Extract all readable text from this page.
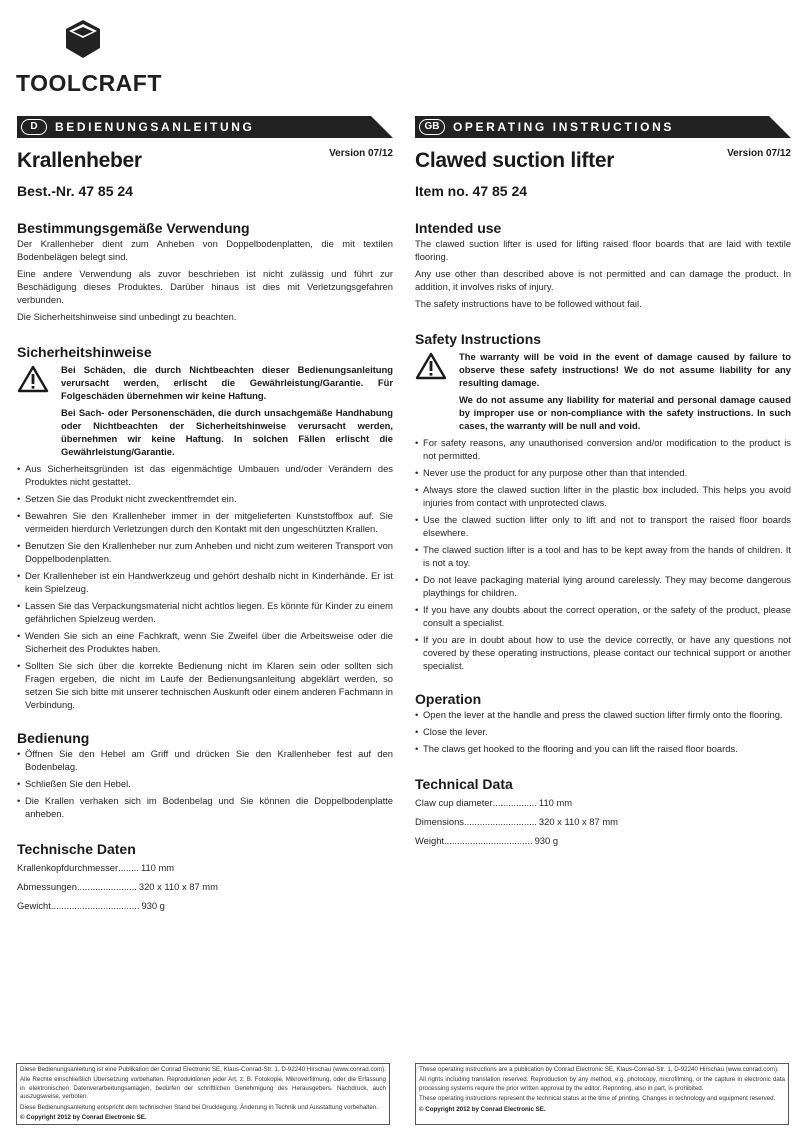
TOOLCRAFT
D	BEDIENUNGSANLEITUNG
Krallenheber	Version 07/12
Best.-Nr. 47 85 24
Bestimmungsgemäße Verwendung

Der Krallenheber dient zum Anheben von Doppelbodenplatten, die mit textilen Bodenbelägen belegt sind.

Eine andere Verwendung als zuvor beschrieben ist nicht zulässig und führt zur Beschädigung dieses Produktes. Darüber hinaus ist dies mit Verletzungsgefahren verbunden.

Die Sicherheitshinweise sind unbedingt zu beachten.

Sicherheitshinweise

Bei Schäden, die durch Nichtbeachten dieser Bedienungsanleitung verursacht werden, erlischt die Gewährleistung/Garantie. Für Folgeschäden übernehmen wir keine Haftung.

Bei Sach- oder Personenschäden, die durch unsachgemäße Handhabung oder Nichtbeachten der Sicherheitshinweise verursacht werden, übernehmen wir keine Haftung. In solchen Fällen erlischt die Gewährleistung/Garantie.

• Aus Sicherheitsgründen ist das eigenmächtige Umbauen und/oder Verändern des Produktes nicht gestattet.
• Setzen Sie das Produkt nicht zweckentfremdet ein.
• Bewahren Sie den Krallenheber immer in der mitgelieferten Kunststoffbox auf. Sie vermeiden hierdurch Verletzungen durch den Kontakt mit den ungeschützten Krallen.
• Benutzen Sie den Krallenheber nur zum Anheben und nicht zum weiteren Transport von Doppelbodenplatten.
• Der Krallenheber ist ein Handwerkzeug und gehört deshalb nicht in Kinderhände. Er ist kein Spielzeug.
• Lassen Sie das Verpackungsmaterial nicht achtlos liegen. Es könnte für Kinder zu einem gefährlichen Spielzeug werden.
• Wenden Sie sich an eine Fachkraft, wenn Sie Zweifel über die Arbeitsweise oder die Sicherheit des Produktes haben.
• Sollten Sie sich über die korrekte Bedienung nicht im Klaren sein oder sollten sich Fragen ergeben, die nicht im Laufe der Bedienungsanleitung abgeklärt werden, so setzen Sie sich bitte mit unserer technischen Auskunft oder einem anderen Fachmann in Verbindung.
Bedienung
• Öffnen Sie den Hebel am Griff und drücken Sie den Krallenheber fest auf den Bodenbelag.
• Schließen Sie den Hebel.
• Die Krallen verhaken sich im Bodenbelag und Sie können die Doppelbodenplatte anheben.
Technische Daten
Krallenkopfdurchmesser ........ 110 mm
Abmessungen ....................... 320 x 110 x 87 mm
Gewicht .................................. 930 g
GB	OPERATING INSTRUCTIONS
Clawed suction lifter	Version 07/12
Item no. 47 85 24
Intended use

The clawed suction lifter is used for lifting raised floor boards that are laid with textile flooring.

Any use other than described above is not permitted and can damage the product. In addition, it involves risks of injury.

The safety instructions have to be followed without fail.

Safety Instructions

The warranty will be void in the event of damage caused by failure to observe these safety instructions! We do not assume liability for any resulting damage.

We do not assume any liability for material and personal damage caused by improper use or non-compliance with the safety instructions. In such cases, the warranty will be null and void.

• For safety reasons, any unauthorised conversion and/or modification to the product is not permitted.
• Never use the product for any purpose other than that intended.
• Always store the clawed suction lifter in the plastic box included. This helps you avoid injuries from contact with unprotected claws.
• Use the clawed suction lifter only to lift and not to transport the raised floor boards elsewhere.
• The clawed suction lifter is a tool and has to be kept away from the hands of children. It is not a toy.
• Do not leave packaging material lying around carelessly. They may become dangerous playthings for children.
• If you have any doubts about the correct operation, or the safety of the product, please consult a specialist.
• If you are in doubt about how to use the device correctly, or have any questions not covered by these operating instructions, please contact our technical support or another specialist.
Operation
• Open the lever at the handle and press the clawed suction lifter firmly onto the flooring.
• Close the lever.
• The claws get hooked to the flooring and you can lift the raised floor boards.
Technical Data
Claw cup diameter ................. 110 mm
Dimensions ............................ 320 x 110 x 87 mm
Weight .................................. 930 g

Diese Bedienungsanleitung ist eine Publikation der Conrad Electronic SE, Klaus-Conrad-Str. 1, D-92240 Hirschau (www.conrad.com).

Alle Rechte einschließlich Übersetzung vorbehalten. Reproduktionen jeder Art, z. B. Fotokopie, Mikroverfilmung, oder die Erfassung in elektronischen Datenverarbeitungsanlagen, bedürfen der schriftlichen Genehmigung des Herausgebers. Nachdruck, auch auszugsweise, verboten.

Diese Bedienungsanleitung entspricht dem technischen Stand bei Drucklegung. Änderung in Technik und Ausstattung vorbehalten.

© Copyright 2012 by Conrad Electronic SE.

These operating instructions are a publication by Conrad Electronic SE, Klaus-Conrad-Str. 1, D-92240 Hirschau (www.conrad.com).

All rights including translation reserved. Reproduction by any method, e.g. photocopy, microfilming, or the capture in electronic data processing systems require the prior written approval by the editor. Reprinting, also in part, is prohibited.

These operating instructions represent the technical status at the time of printing. Changes in technology and equipment reserved.

© Copyright 2012 by Conrad Electronic SE.
